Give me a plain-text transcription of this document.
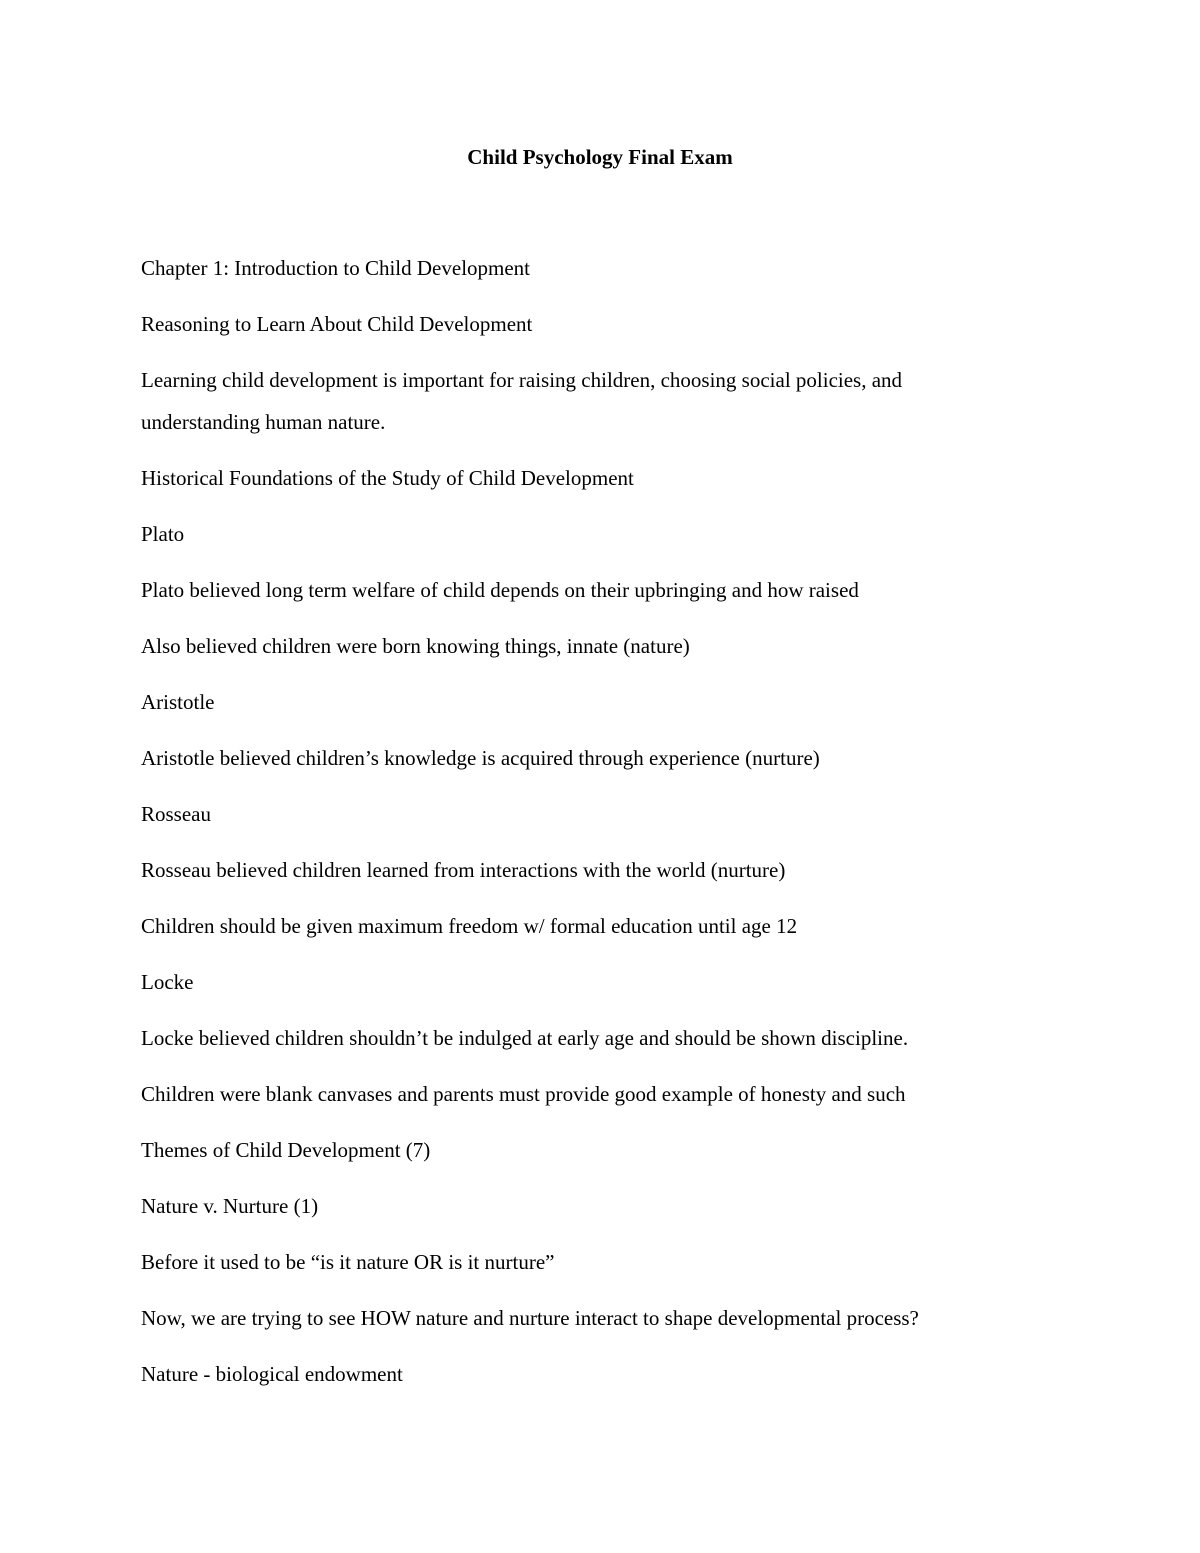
Child Psychology Final Exam

Chapter 1: Introduction to Child Development

Reasoning to Learn About Child Development

Learning child development is important for raising children, choosing social policies, and
understanding human nature.

Historical Foundations of the Study of Child Development

Plato

Plato believed long term welfare of child depends on their upbringing and how raised

Also believed children were born knowing things, innate (nature)

Aristotle

Aristotle believed children’s knowledge is acquired through experience (nurture)

Rosseau

Rosseau believed children learned from interactions with the world (nurture)

Children should be given maximum freedom w/ formal education until age 12

Locke

Locke believed children shouldn’t be indulged at early age and should be shown discipline.

Children were blank canvases and parents must provide good example of honesty and such

Themes of Child Development (7)

Nature v. Nurture (1)

Before it used to be “is it nature OR is it nurture”

Now, we are trying to see HOW nature and nurture interact to shape developmental process?

Nature - biological endowment
